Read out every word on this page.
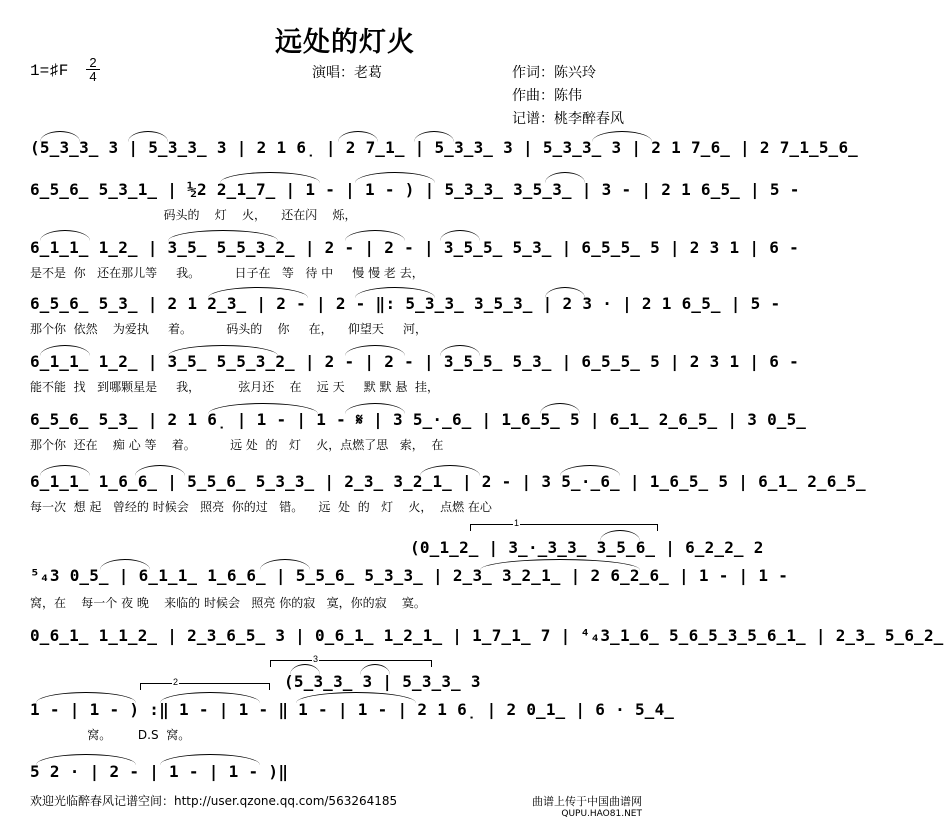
远处的灯火
1=♯F 2
4	演唱：老葛	作词：陈兴玲
作曲：陈伟
记谱：桃李醉春风
(5̲3̲3̲ 3 | 5̲3̲3̲ 3 | 2 1 6̣ | 2 7̲1̲ | 5̲3̲3̲ 3 | 5̲3̲3̲ 3 | 2 1 7̲6̲ | 2 7̲1̲5̲6̲
6̲5̲6̲ 5̲3̲1̲ | ½2 2̲1̲7̲ | 1 - | 1 - ) | 5̲3̲3̲ 3̲5̲3̲ | 3 - | 2 1 6̲5̲ | 5 -
码头的    灯    火，    还在闪    烁，
6̲1̲1̲ 1̲2̲ | 3̲5̲ 5̲5̲3̲2̲ | 2 - | 2 - | 3̲5̲5̲ 5̲3̲ | 6̲5̲5̲ 5 | 2 3 1 | 6 -
是不是  你   还在那儿等     我。         日子在   等   待 中     慢 慢 老 去，
6̲5̲6̲ 5̲3̲ | 2 1 2̲3̲ | 2 - | 2 - ‖: 5̲3̲3̲ 3̲5̲3̲ | 2 3 · | 2 1 6̲5̲ | 5 -
那个你  依然    为爱执     着。         码头的    你     在，    仰望天     河，
6̲1̲1̲ 1̲2̲ | 3̲5̲ 5̲5̲3̲2̲ | 2 - | 2 - | 3̲5̲5̲ 5̲3̲ | 6̲5̲5̲ 5 | 2 3 1 | 6 -
能不能  找   到哪颗星是     我，          弦月还    在    远 天     默 默 悬  挂，
6̲5̲6̲ 5̲3̲ | 2 1 6̣ | 1 - | 1 - 𝄋 | 3 5̲·̲6̲ | 1̲6̲5̲ 5 | 6̲1̲ 2̲6̲5̲ | 3 0̲5̲
那个你  还在    痴 心 等    着。         远 处  的   灯    火，点燃了思   索，  在
6̲1̲1̲ 1̲6̲6̲ | 5̲5̲6̲ 5̲3̲3̲ | 2̲3̲ 3̲2̲1̲ | 2 - | 3 5̲·̲6̲ | 1̲6̲5̲ 5 | 6̲1̲ 2̲6̲5̲
每一次  想 起   曾经的 时候会   照亮  你的过   错。    远  处  的   灯    火，  点燃 在心
(0̲1̲2̲ | 3̲·̲3̲3̲ 3̲5̲6̲ | 6̲2̲2̲ 2
⁵₄3 0̲5̲ | 6̲1̲1̲ 1̲6̲6̲ | 5̲5̲6̲ 5̲3̲3̲ | 2̲3̲ 3̲2̲1̲ | 2 6̲2̲6̲ | 1 - | 1 -
窝，在    每一个 夜 晚    来临的 时候会   照亮 你的寂   寞，你的寂    寞。
0̲6̲1̲ 1̲1̲2̲ | 2̲3̲6̲5̲ 3 | 0̲6̲1̲ 1̲2̲1̲ | 1̲7̲1̲ 7 | ⁴₄3̲1̲6̲ 5̲6̲5̲3̲5̲6̲1̲ | 2̲3̲ 5̲6̲2̲
(5̲3̲3̲ 3 | 5̲3̲3̲ 3
1 - | 1 - ) :‖ 1 - | 1 - ‖ 1 - | 1 - | 2 1 6̣ | 2 0̲1̲ | 6 · 5̲4̲
窝。       D.S  窝。
5 2 · | 2 - | 1 - | 1 - )‖
1
2
3
欢迎光临醉春风记谱空间：http://user.qzone.qq.com/563264185	曲谱上传于中国曲谱网
QUPU.HAO81.NET
